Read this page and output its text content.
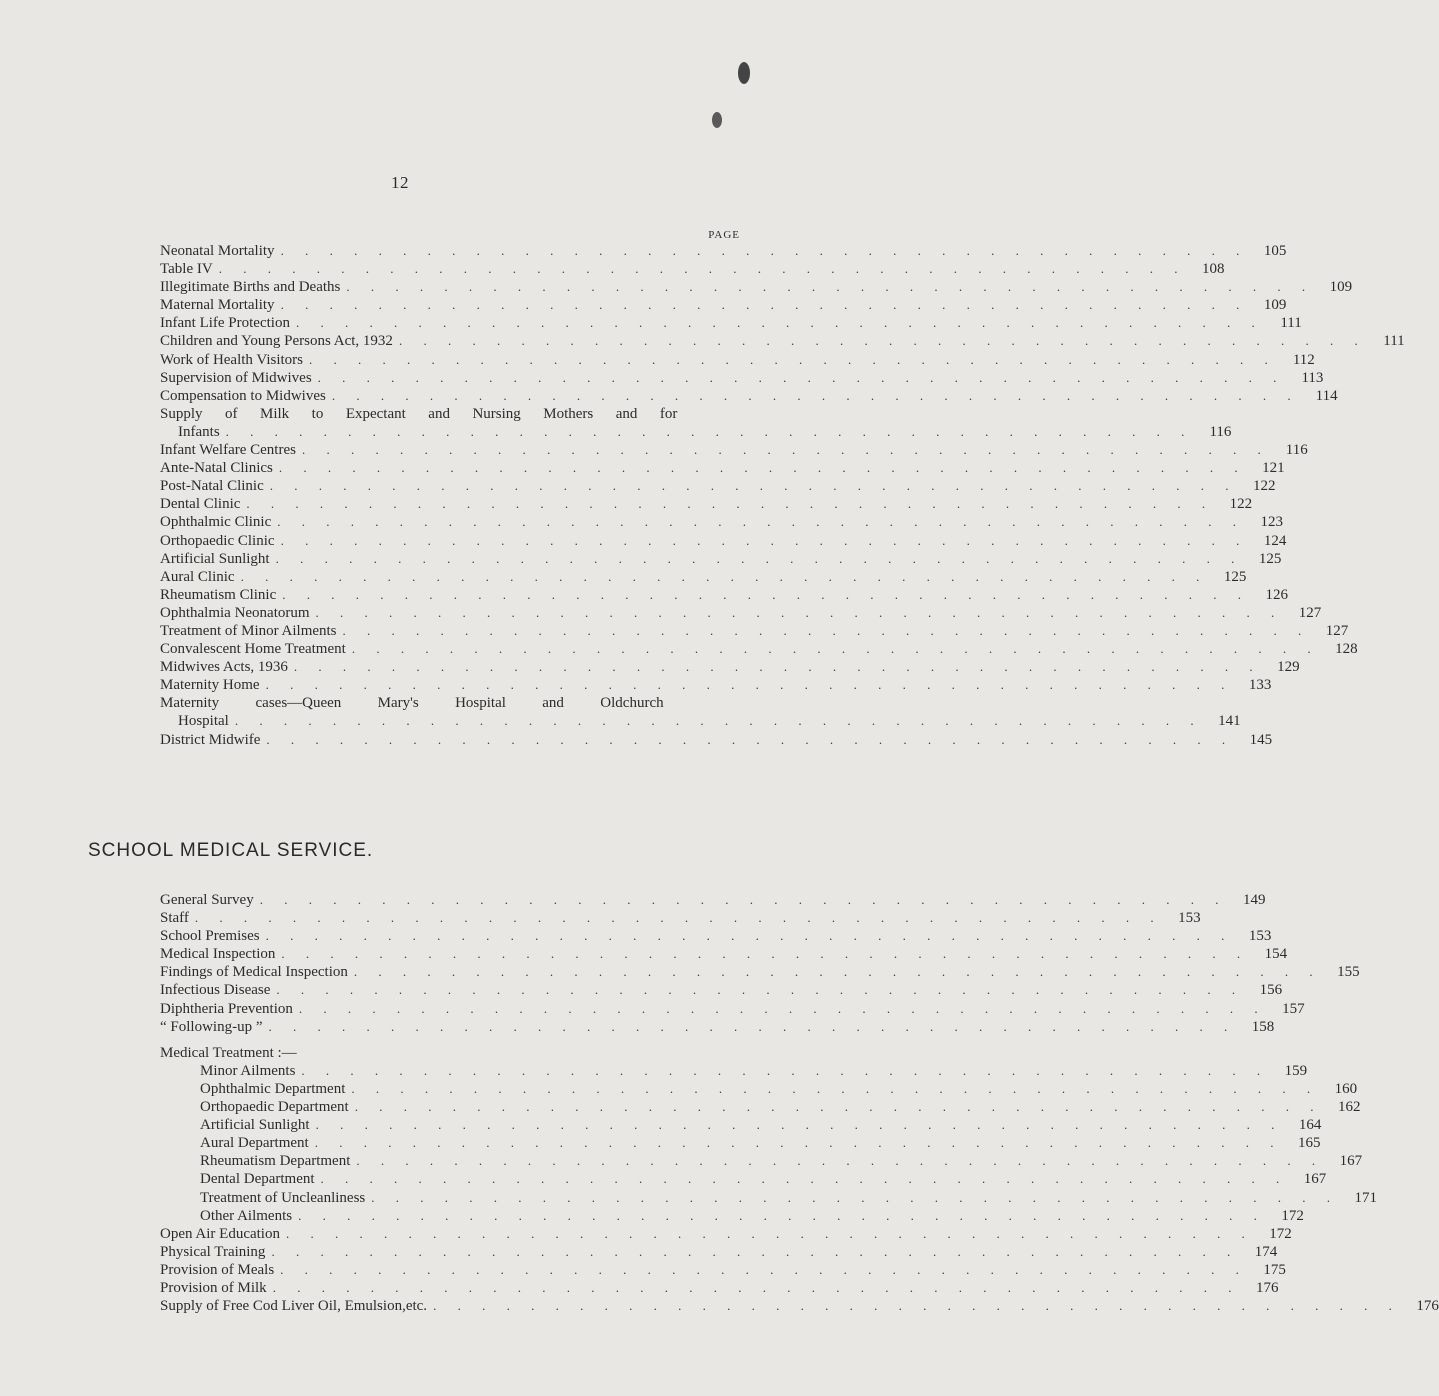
12
PAGE
Neonatal Mortality . . . . . . . . . . . . . . . . . . . . . . . . . . . . . . . . . . . . . . . .	105
Table IV . . . . . . . . . . . . . . . . . . . . . . . . . . . . . . . . . . . . . . . .	108
Illegitimate Births and Deaths . . . . . . . . . . . . . . . . . . . . . . . . . . . . . . . . . . . . . . . .	109
Maternal Mortality . . . . . . . . . . . . . . . . . . . . . . . . . . . . . . . . . . . . . . . .	109
Infant Life Protection . . . . . . . . . . . . . . . . . . . . . . . . . . . . . . . . . . . . . . . .	111
Children and Young Persons Act, 1932 . . . . . . . . . . . . . . . . . . . . . . . . . . . . . . . . . . . . . . . .	111
Work of Health Visitors . . . . . . . . . . . . . . . . . . . . . . . . . . . . . . . . . . . . . . . .	112
Supervision of Midwives . . . . . . . . . . . . . . . . . . . . . . . . . . . . . . . . . . . . . . . .	113
Compensation to Midwives . . . . . . . . . . . . . . . . . . . . . . . . . . . . . . . . . . . . . . . .	114
Supply of Milk to Expectant and Nursing Mothers and for
Infants . . . . . . . . . . . . . . . . . . . . . . . . . . . . . . . . . . . . . . . .	116
Infant Welfare Centres . . . . . . . . . . . . . . . . . . . . . . . . . . . . . . . . . . . . . . . .	116
Ante-Natal Clinics . . . . . . . . . . . . . . . . . . . . . . . . . . . . . . . . . . . . . . . .	121
Post-Natal Clinic . . . . . . . . . . . . . . . . . . . . . . . . . . . . . . . . . . . . . . . .	122
Dental Clinic . . . . . . . . . . . . . . . . . . . . . . . . . . . . . . . . . . . . . . . .	122
Ophthalmic Clinic . . . . . . . . . . . . . . . . . . . . . . . . . . . . . . . . . . . . . . . .	123
Orthopaedic Clinic . . . . . . . . . . . . . . . . . . . . . . . . . . . . . . . . . . . . . . . .	124
Artificial Sunlight . . . . . . . . . . . . . . . . . . . . . . . . . . . . . . . . . . . . . . . .	125
Aural Clinic . . . . . . . . . . . . . . . . . . . . . . . . . . . . . . . . . . . . . . . .	125
Rheumatism Clinic . . . . . . . . . . . . . . . . . . . . . . . . . . . . . . . . . . . . . . . .	126
Ophthalmia Neonatorum . . . . . . . . . . . . . . . . . . . . . . . . . . . . . . . . . . . . . . . .	127
Treatment of Minor Ailments . . . . . . . . . . . . . . . . . . . . . . . . . . . . . . . . . . . . . . . .	127
Convalescent Home Treatment . . . . . . . . . . . . . . . . . . . . . . . . . . . . . . . . . . . . . . . .	128
Midwives Acts, 1936 . . . . . . . . . . . . . . . . . . . . . . . . . . . . . . . . . . . . . . . .	129
Maternity Home . . . . . . . . . . . . . . . . . . . . . . . . . . . . . . . . . . . . . . . .	133
Maternity cases—Queen Mary's Hospital and Oldchurch
Hospital . . . . . . . . . . . . . . . . . . . . . . . . . . . . . . . . . . . . . . . .	141
District Midwife . . . . . . . . . . . . . . . . . . . . . . . . . . . . . . . . . . . . . . . .	145
SCHOOL MEDICAL SERVICE.
General Survey . . . . . . . . . . . . . . . . . . . . . . . . . . . . . . . . . . . . . . . .	149
Staff . . . . . . . . . . . . . . . . . . . . . . . . . . . . . . . . . . . . . . . .	153
School Premises . . . . . . . . . . . . . . . . . . . . . . . . . . . . . . . . . . . . . . . .	153
Medical Inspection . . . . . . . . . . . . . . . . . . . . . . . . . . . . . . . . . . . . . . . .	154
Findings of Medical Inspection . . . . . . . . . . . . . . . . . . . . . . . . . . . . . . . . . . . . . . . .	155
Infectious Disease . . . . . . . . . . . . . . . . . . . . . . . . . . . . . . . . . . . . . . . .	156
Diphtheria Prevention . . . . . . . . . . . . . . . . . . . . . . . . . . . . . . . . . . . . . . . .	157
“ Following-up ” . . . . . . . . . . . . . . . . . . . . . . . . . . . . . . . . . . . . . . . .	158
Medical Treatment :—
Minor Ailments . . . . . . . . . . . . . . . . . . . . . . . . . . . . . . . . . . . . . . . .	159
Ophthalmic Department . . . . . . . . . . . . . . . . . . . . . . . . . . . . . . . . . . . . . . . .	160
Orthopaedic Department . . . . . . . . . . . . . . . . . . . . . . . . . . . . . . . . . . . . . . . .	162
Artificial Sunlight . . . . . . . . . . . . . . . . . . . . . . . . . . . . . . . . . . . . . . . .	164
Aural Department . . . . . . . . . . . . . . . . . . . . . . . . . . . . . . . . . . . . . . . .	165
Rheumatism Department . . . . . . . . . . . . . . . . . . . . . . . . . . . . . . . . . . . . . . . .	167
Dental Department . . . . . . . . . . . . . . . . . . . . . . . . . . . . . . . . . . . . . . . .	167
Treatment of Uncleanliness . . . . . . . . . . . . . . . . . . . . . . . . . . . . . . . . . . . . . . . .	171
Other Ailments . . . . . . . . . . . . . . . . . . . . . . . . . . . . . . . . . . . . . . . .	172
Open Air Education . . . . . . . . . . . . . . . . . . . . . . . . . . . . . . . . . . . . . . . .	172
Physical Training . . . . . . . . . . . . . . . . . . . . . . . . . . . . . . . . . . . . . . . .	174
Provision of Meals . . . . . . . . . . . . . . . . . . . . . . . . . . . . . . . . . . . . . . . .	175
Provision of Milk . . . . . . . . . . . . . . . . . . . . . . . . . . . . . . . . . . . . . . . .	176
Supply of Free Cod Liver Oil, Emulsion,etc. . . . . . . . . . . . . . . . . . . . . . . . . . . . . . . . . . . . . . . . .	176
